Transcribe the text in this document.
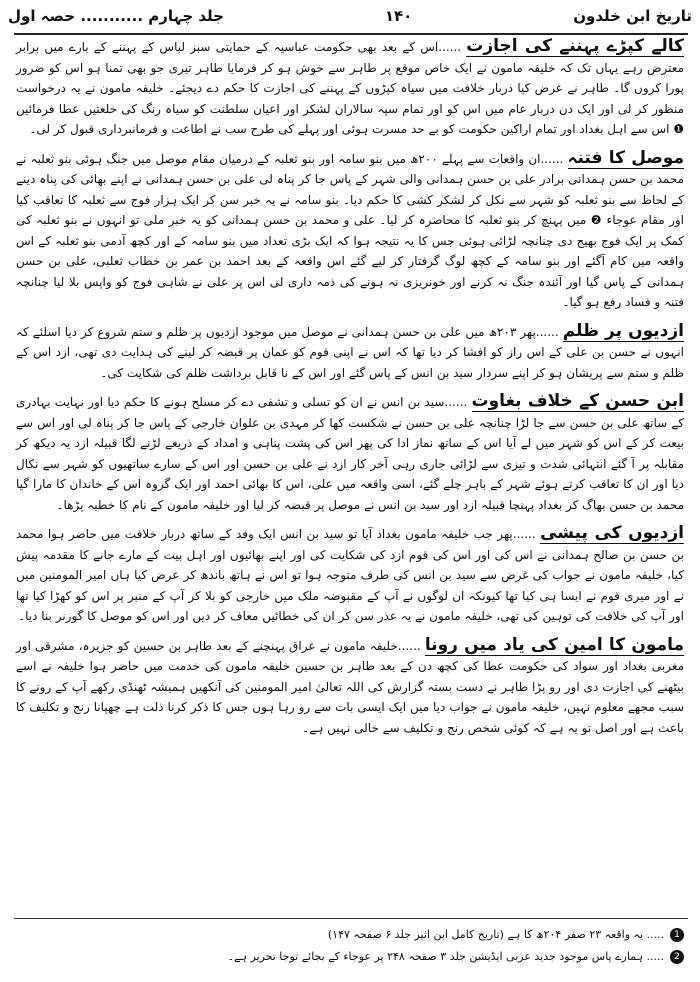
تاریخ ابن خلدون
۱۴۰
جلد چہارم ........... حصہ اول
کالے کپڑے پہننے کی اجازت ......اس کے بعد بھی حکومت عباسیہ کے حمایتی سبز لباس کے پہننے کے بارے میں برابر معترض رہے یہاں تک کہ خلیفہ مامون نے ایک خاص موقع پر طاہر سے خوش ہو کر فرمایا طاہر تیری جو بھی تمنا ہو اس کو ضرور پورا کروں گا۔ طاہر نے عرض کیا دربار خلافت میں سیاہ کپڑوں کے پہننے کی اجازت کا حکم دے دیجئے۔ خلیفہ مامون نے یہ درخواست منظور کر لی اور ایک دن دربار عام میں اس کو اور تمام سپہ سالاران لشکر اور اعیان سلطنت کو سیاہ رنگ کی خلعتیں عطا فرمائیں ❶ اس سے اہل بغداد اور تمام اراکین حکومت کو بے حد مسرت ہوئی اور پہلے کی طرح سب نے اطاعت و فرمانبرداری قبول کر لی۔
موصل کا فتنہ ......ان واقعات سے پہلے ۲۰۰ھ میں بنو سامہ اور بنو ثعلبہ کے درمیان مقام موصل میں جنگ ہوئی بنو ثعلبہ نے محمد بن حسن ہمدانی برادر علی بن حسن ہمدانی والی شہر کے پاس جا کر پناہ لی علی بن حسن ہمدانی نے اپنے بھائی کی پناہ دینے کے لحاظ سے بنو ثعلبہ کو شہر سے نکل کر لشکر کشی کا حکم دیا۔ بنو سامہ نے یہ خبر سن کر ایک ہزار فوج سے ثعلبہ کا تعاقب کیا اور مقام عوجاء ❷ میں پہنچ کر بنو ثعلبہ کا محاصرہ کر لیا۔ علی و محمد بن حسن ہمدانی کو یہ خبر ملی تو انہوں نے بنو ثعلبہ کی کمک پر ایک فوج بھیج دی چنانچہ لڑائی ہوئی جس کا یہ نتیجہ ہوا کہ ایک بڑی تعداد میں بنو سامہ کے اور کچھ آدمی بنو ثعلبہ کے اس واقعہ میں کام آگئے اور بنو سامہ کے کچھ لوگ گرفتار کر لیے گئے اس واقعہ کے بعد احمد بن عمر بن خطاب ثعلبی، علی بن حسن ہمدانی کے پاس گیا اور آئندہ جنگ نہ کرنے اور خونریزی نہ ہونے کی ذمہ داری لی اس پر علی نے شاہی فوج کو واپس بلا لیا چنانچہ فتنہ و فساد رفع ہو گیا۔
ازدیوں پر ظلم ......پھر ۲۰۳ھ میں علی بن حسن ہمدانی نے موصل میں موجود ازدیوں پر ظلم و ستم شروع کر دیا اسلئے کہ انہوں نے حسن بن علی کے اس راز کو افشا کر دیا تھا کہ اس نے اپنی قوم کو عمان پر قبضہ کر لینے کی ہدایت دی تھی، ازد اس کے ظلم و ستم سے پریشان ہو کر اپنے سردار سید بن انس کے پاس گئے اور اس کے نا قابل برداشت ظلم کی شکایت کی۔
ابن حسن کے خلاف بغاوت ......سید بن انس نے ان کو تسلی و تشفی دے کر مسلح ہونے کا حکم دیا اور نہایت بہادری کے ساتھ علی بن حسن سے جا لڑا چنانچہ علی بن حسن نے شکست کھا کر مہدی بن علوان خارجی کے پاس جا کر پناہ لی اور اس سے بیعت کر کے اس کو شہر میں لے آیا اس کے ساتھ نماز ادا کی پھر اس کی پشت پناہی و امداد کے ذریعے لڑنے لگا قبیلہ ازد یہ دیکھ کر مقابلہ پر آ گئے انتہائی شدت و تیزی سے لڑائی جاری رہی آخر کار ازد نے علی بن حسن اور اس کے سارے ساتھیوں کو شہر سے نکال دیا اور ان کا تعاقب کرتے ہوئے شہر کے باہر چلے گئے، اسی واقعہ میں علی، اس کا بھائی احمد اور ایک گروہ اس کے خاندان کا مارا گیا محمد بن حسن بھاگ کر بغداد پہنچا قبیلہ ازد اور سید بن انس نے موصل پر قبضہ کر لیا اور خلیفہ مامون کے نام کا خطبہ پڑھا۔
ازدیوں کی پیشی ......پھر جب خلیفہ مامون بغداد آیا تو سید بن انس ایک وفد کے ساتھ دربار خلافت میں حاضر ہوا محمد بن حسن بن صالح ہمدانی نے اس کی اور اس کی قوم ازد کی شکایت کی اور اپنے بھائیوں اور اہل بیت کے مارے جانے کا مقدمہ پیش کیا، خلیفہ مامون نے جواب کی غرض سے سید بن انس کی طرف متوجہ ہوا تو اس نے ہاتھ باندھ کر عرض کیا ہاں امیر المومنین میں نے اور میری قوم نے ایسا ہی کیا تھا کیونکہ ان لوگوں نے آپ کے مقبوضہ ملک میں خارجی کو بلا کر آپ کے منبر پر اس کو کھڑا کیا تھا اور آپ کی خلافت کی توہین کی تھی، خلیفہ مامون نے یہ عذر سن کر ان کی خطائیں معاف کر دیں اور اس کو موصل کا گورنر بنا دیا۔
مامون کا امین کی یاد میں رونا ......خلیفہ مامون نے عراق پہنچنے کے بعد طاہر بن حسین کو جزیرہ، مشرقی اور مغربی بغداد اور سواد کی حکومت عطا کی کچھ دن کے بعد طاہر بن حسین خلیفہ مامون کی خدمت میں حاضر ہوا خلیفہ نے اسے بیٹھنے کی اجازت دی اور رو پڑا طاہر نے دست بستہ گزارش کی اللہ تعالیٰ امیر المومنین کی آنکھیں ہمیشہ ٹھنڈی رکھے آپ کے رونے کا سبب مجھے معلوم نہیں، خلیفہ مامون نے جواب دیا میں ایک ایسی بات سے رو رہا ہوں جس کا ذکر کرنا ذلت ہے چھپانا رنج و تکلیف کا باعث ہے اور اصل تو یہ ہے کہ کوئی شخص رنج و تکلیف سے خالی نہیں ہے۔
1
..... یہ واقعہ ۲۳ صفر ۲۰۴ھ کا ہے (تاریخ کامل ابن اثیر جلد ۶ صفحہ ۱۴۷)
2
..... ہمارے پاس موجود جدید عربی ایڈیشن جلد ۳ صفحہ ۲۴۸ پر عوجاء کے بجائے توجا تحریر ہے۔
